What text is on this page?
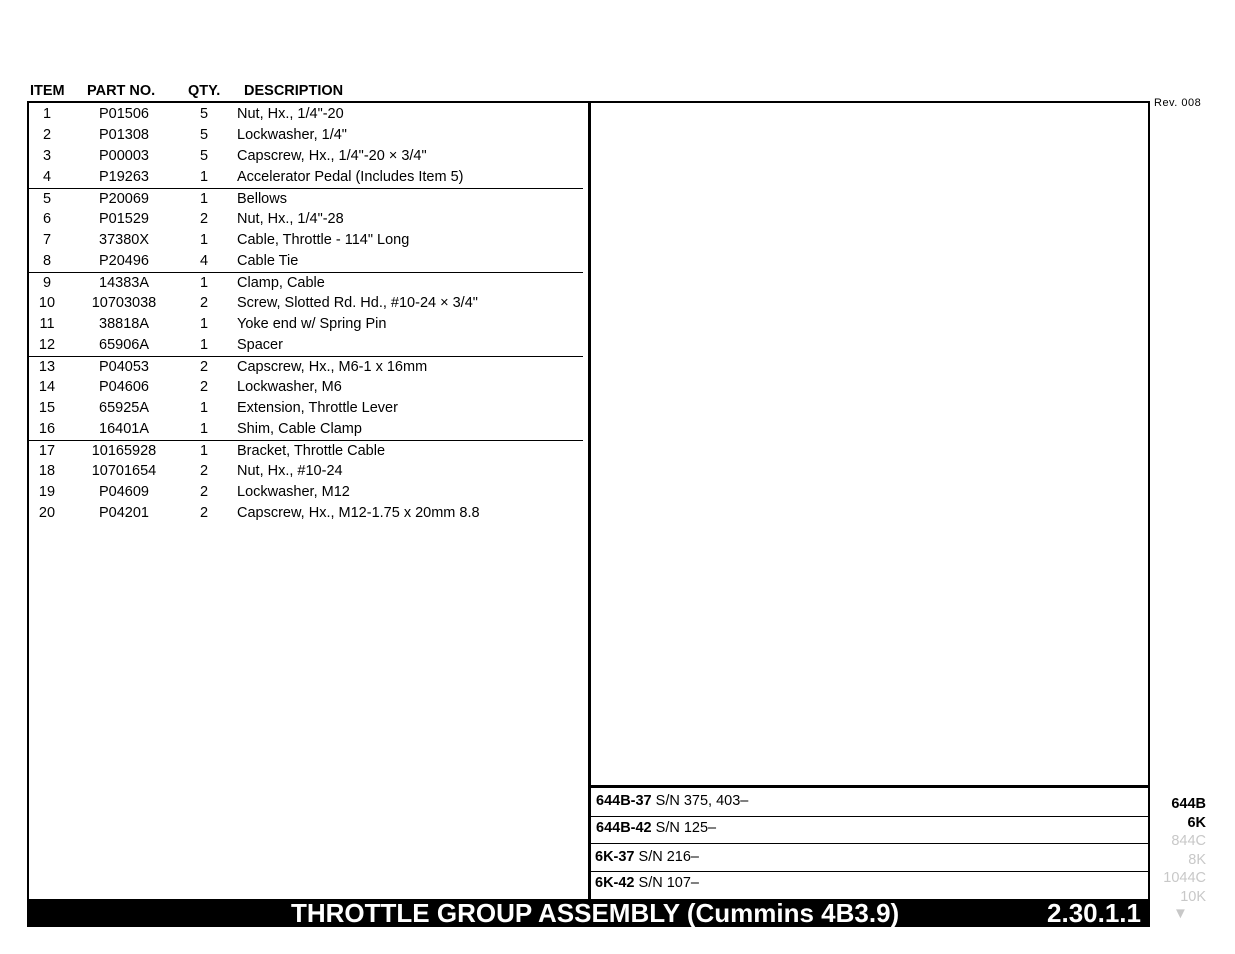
ITEM PART NO. QTY. DESCRIPTION
1	P01506	5	Nut, Hx., 1/4"-20
2	P01308	5	Lockwasher, 1/4"
3	P00003	5	Capscrew, Hx., 1/4"-20 × 3/4"
4	P19263	1	Accelerator Pedal (Includes Item 5)
5	P20069	1	Bellows
6	P01529	2	Nut, Hx., 1/4"-28
7	37380X	1	Cable, Throttle - 114" Long
8	P20496	4	Cable Tie
9	14383A	1	Clamp, Cable
10	10703038	2	Screw, Slotted Rd. Hd., #10-24 × 3/4"
11	38818A	1	Yoke end w/ Spring Pin
12	65906A	1	Spacer
13	P04053	2	Capscrew, Hx., M6-1 x 16mm
14	P04606	2	Lockwasher, M6
15	65925A	1	Extension, Throttle Lever
16	16401A	1	Shim, Cable Clamp
17	10165928	1	Bracket, Throttle Cable
18	10701654	2	Nut, Hx., #10-24
19	P04609	2	Lockwasher, M12
20	P04201	2	Capscrew, Hx., M12-1.75 x 20mm 8.8
644B-37 S/N 375, 403–
644B-42 S/N 125–
6K-37 S/N 216–
6K-42 S/N 107–
Rev. 008
644B
6K
844C
8K
1044C
10K
▼
THROTTLE GROUP ASSEMBLY (Cummins 4B3.9)	2.30.1.1
